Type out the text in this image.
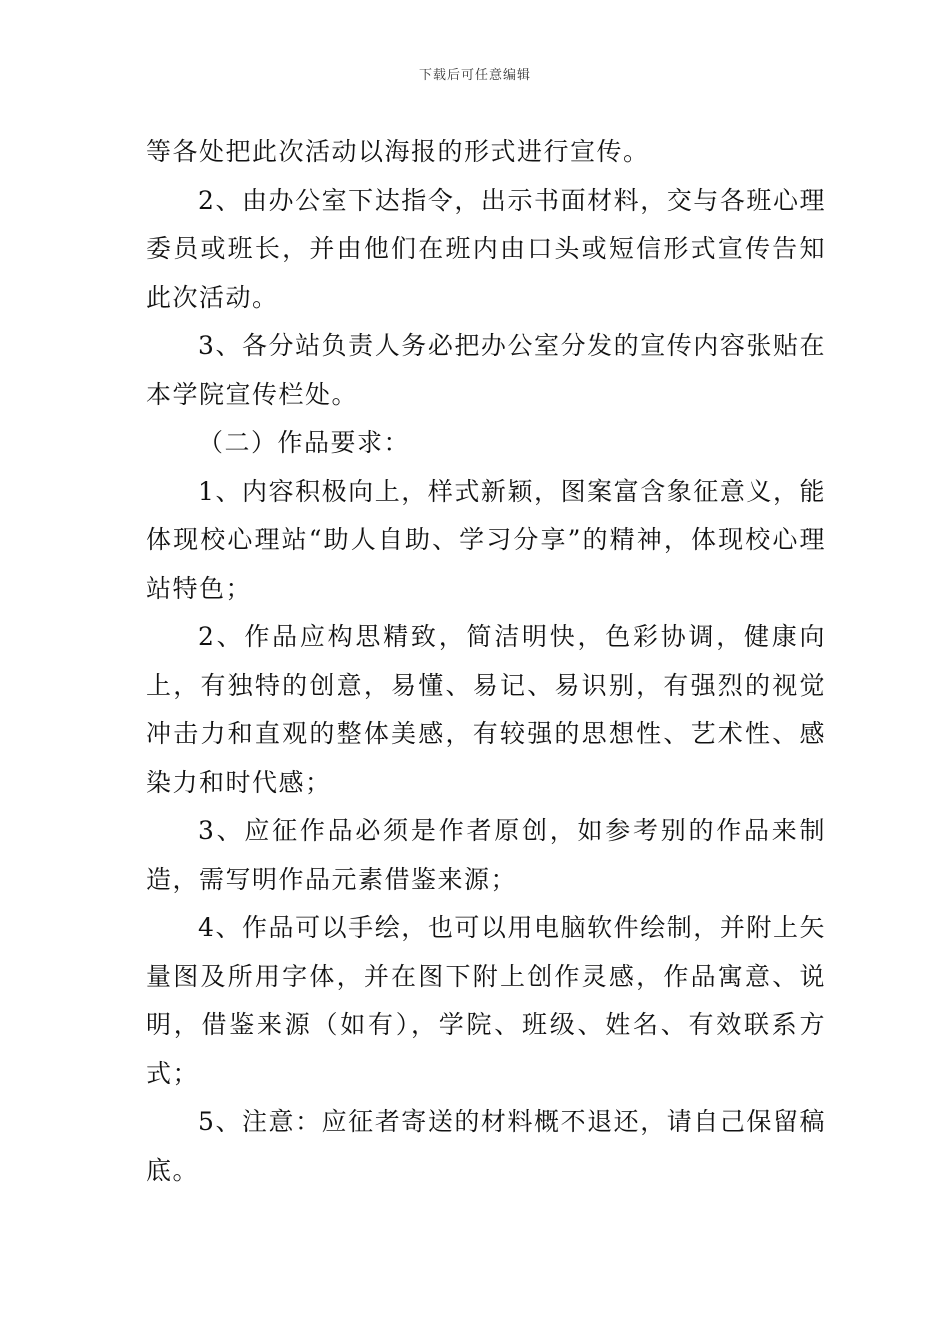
下载后可任意编辑

等各处把此次活动以海报的形式进行宣传。

2、由办公室下达指令，出示书面材料，交与各班心理委员或班长，并由他们在班内由口头或短信形式宣传告知此次活动。

3、各分站负责人务必把办公室分发的宣传内容张贴在本学院宣传栏处。

（二）作品要求：

1、内容积极向上，样式新颖，图案富含象征意义，能体现校心理站“助人自助、学习分享”的精神，体现校心理站特色；

2、作品应构思精致，简洁明快，色彩协调，健康向上，有独特的创意，易懂、易记、易识别，有强烈的视觉冲击力和直观的整体美感，有较强的思想性、艺术性、感染力和时代感；

3、应征作品必须是作者原创，如参考别的作品来制造，需写明作品元素借鉴来源；

4、作品可以手绘，也可以用电脑软件绘制，并附上矢量图及所用字体，并在图下附上创作灵感，作品寓意、说明，借鉴来源（如有），学院、班级、姓名、有效联系方式；

5、注意：应征者寄送的材料概不退还，请自己保留稿底。
